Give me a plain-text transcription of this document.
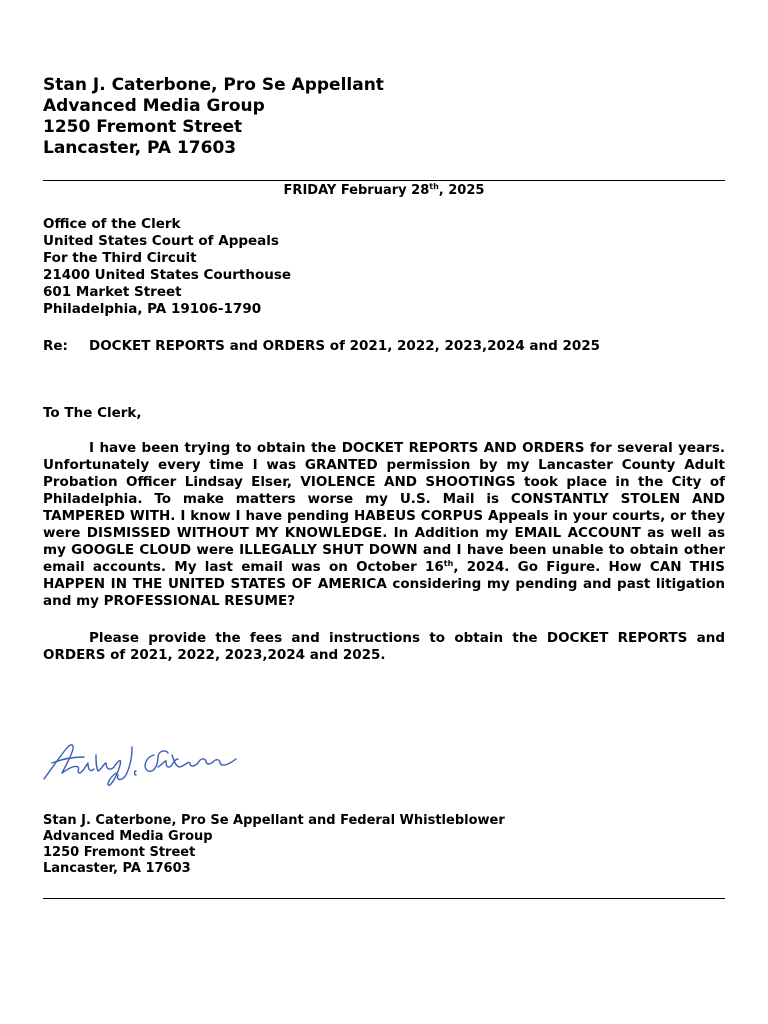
Stan J. Caterbone, Pro Se Appellant
Advanced Media Group
1250 Fremont Street
Lancaster, PA 17603
FRIDAY February 28th, 2025
Office of the Clerk
United States Court of Appeals
For the Third Circuit
21400 United States Courthouse
601 Market Street
Philadelphia, PA 19106-1790
Re: DOCKET REPORTS and ORDERS of 2021, 2022, 2023,2024 and 2025
To The Clerk,
I have been trying to obtain the DOCKET REPORTS AND ORDERS for several years. Unfortunately every time I was GRANTED permission by my Lancaster County Adult Probation Officer Lindsay Elser, VIOLENCE AND SHOOTINGS took place in the City of Philadelphia. To make matters worse my U.S. Mail is CONSTANTLY STOLEN AND TAMPERED WITH. I know I have pending HABEUS CORPUS Appeals in your courts, or they were DISMISSED WITHOUT MY KNOWLEDGE. In Addition my EMAIL ACCOUNT as well as my GOOGLE CLOUD were ILLEGALLY SHUT DOWN and I have been unable to obtain other email accounts. My last email was on October 16th, 2024. Go Figure. How CAN THIS HAPPEN IN THE UNITED STATES OF AMERICA considering my pending and past litigation and my PROFESSIONAL RESUME?
Please provide the fees and instructions to obtain the DOCKET REPORTS and ORDERS of 2021, 2022, 2023,2024 and 2025.
Stan J. Caterbone, Pro Se Appellant and Federal Whistleblower
Advanced Media Group
1250 Fremont Street
Lancaster, PA 17603
